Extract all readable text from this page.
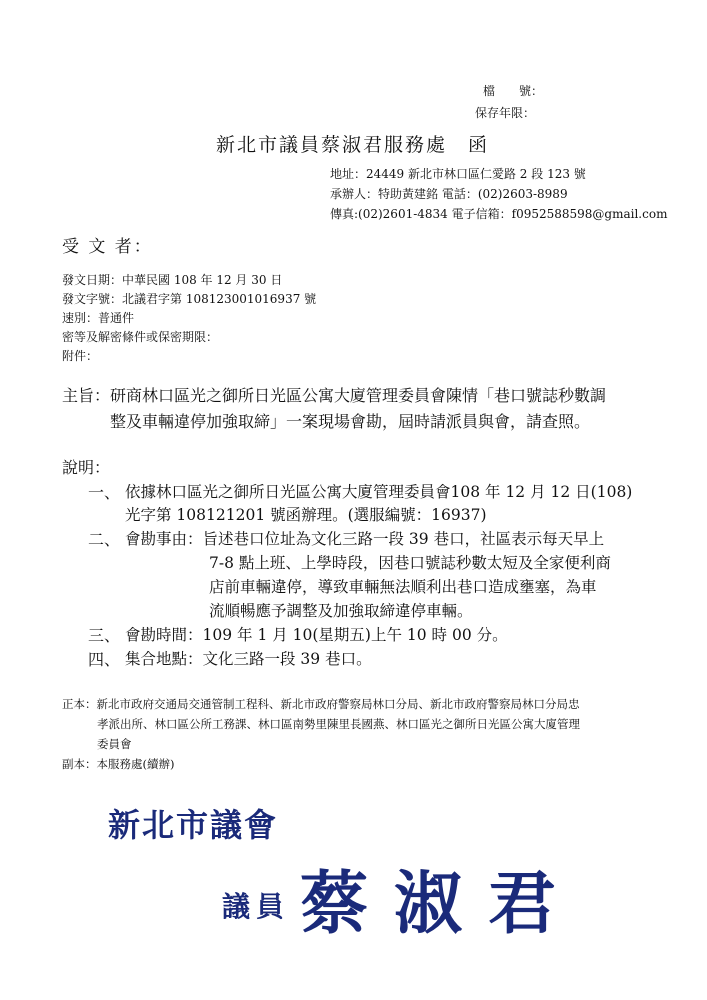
檔　　號：
保存年限：
新北市議員蔡淑君服務處　函
地址：24449 新北市林口區仁愛路 2 段 123 號
承辦人：特助黃建銘 電話：(02)2603-8989
傳真:(02)2601-4834 電子信箱：f0952588598@gmail.com
受 文 者：
發文日期：中華民國 108 年 12 月 30 日
發文字號：北議君字第 108123001016937 號
速別：普通件
密等及解密條件或保密期限：
附件：
主旨：研商林口區光之御所日光區公寓大廈管理委員會陳情「巷口號誌秒數調
整及車輛違停加強取締」一案現場會勘，屆時請派員與會，請查照。
說明：
一、 依據林口區光之御所日光區公寓大廈管理委員會108 年 12 月 12 日(108)
光字第 108121201 號函辦理。(選服編號：16937)
二、 會勘事由：旨述巷口位址為文化三路一段 39 巷口，社區表示每天早上
7-8 點上班、上學時段，因巷口號誌秒數太短及全家便利商
店前車輛違停，導致車輛無法順利出巷口造成壅塞，為車
流順暢應予調整及加強取締違停車輛。
三、 會勘時間：109 年 1 月 10(星期五)上午 10 時 00 分。
四、 集合地點：文化三路一段 39 巷口。
正本：新北市政府交通局交通管制工程科、新北市政府警察局林口分局、新北市政府警察局林口分局忠
孝派出所、林口區公所工務課、林口區南勢里陳里長國燕、林口區光之御所日光區公寓大廈管理
委員會
副本：本服務處(續辦)
新北市議會
議員 蔡淑君
